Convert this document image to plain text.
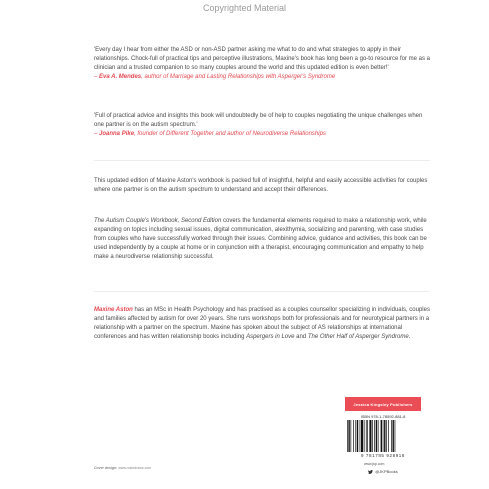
Copyrighted Material

'Every day I hear from either the ASD or non-ASD partner asking me what to do and what strategies to apply in their relationships. Chock-full of practical tips and perceptive illustrations, Maxine's book has long been a go-to resource for me as a clinician and a trusted companion to so many couples around the world and this updated edition is even better!'

– Eva A. Mendes, author of Marriage and Lasting Relationships with Asperger's Syndrome

'Full of practical advice and insights this book will undoubtedly be of help to couples negotiating the unique challenges when one partner is on the autism spectrum.'

– Joanna Pike, founder of Different Together and author of Neurodiverse Relationships

This updated edition of Maxine Aston's workbook is packed full of insightful, helpful and easily accessible activities for couples where one partner is on the autism spectrum to understand and accept their differences.

The Autism Couple's Workbook, Second Edition covers the fundamental elements required to make a relationship work, while expanding on topics including sexual issues, digital communication, alexithymia, socializing and parenting, with case studies from couples who have successfully worked through their issues. Combining advice, guidance and activities, this book can be used independently by a couple at home or in conjunction with a therapist, encouraging communication and empathy to help make a neurodiverse relationship successful.

Maxine Aston has an MSc in Health Psychology and has practised as a couples counsellor specializing in individuals, couples and families affected by autism for over 20 years. She runs workshops both for professionals and for neurotypical partners in a relationship with a partner on the spectrum. Maxine has spoken about the subject of AS relationships at international conferences and has written relationship books including Aspergers in Love and The Other Half of Asperger Syndrome.

Jessica Kingsley Publishers
ISBN 978-1-78592-881-8
9 781785 928918
www.jkp.com
@JKPBooks
Cover design: www.rosiedraws.com
